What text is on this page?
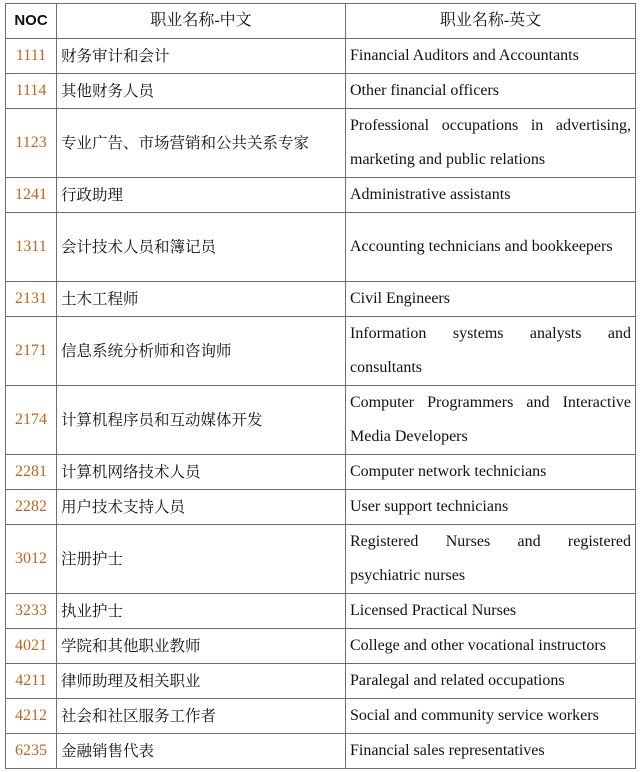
NOC	职业名称-中文	职业名称-英文
1111	财务审计和会计	Financial Auditors and Accountants
1114	其他财务人员	Other financial officers
1123	专业广告、市场营销和公共关系专家	Professional occupations in advertising, marketing and public relations
1241	行政助理	Administrative assistants
1311	会计技术人员和簿记员	Accounting technicians and bookkeepers
2131	土木工程师	Civil Engineers
2171	信息系统分析师和咨询师	Information systems analysts and consultants
2174	计算机程序员和互动媒体开发	Computer Programmers and Interactive Media Developers
2281	计算机网络技术人员	Computer network technicians
2282	用户技术支持人员	User support technicians
3012	注册护士	Registered Nurses and registered psychiatric nurses
3233	执业护士	Licensed Practical Nurses
4021	学院和其他职业教师	College and other vocational instructors
4211	律师助理及相关职业	Paralegal and related occupations
4212	社会和社区服务工作者	Social and community service workers
6235	金融销售代表	Financial sales representatives
